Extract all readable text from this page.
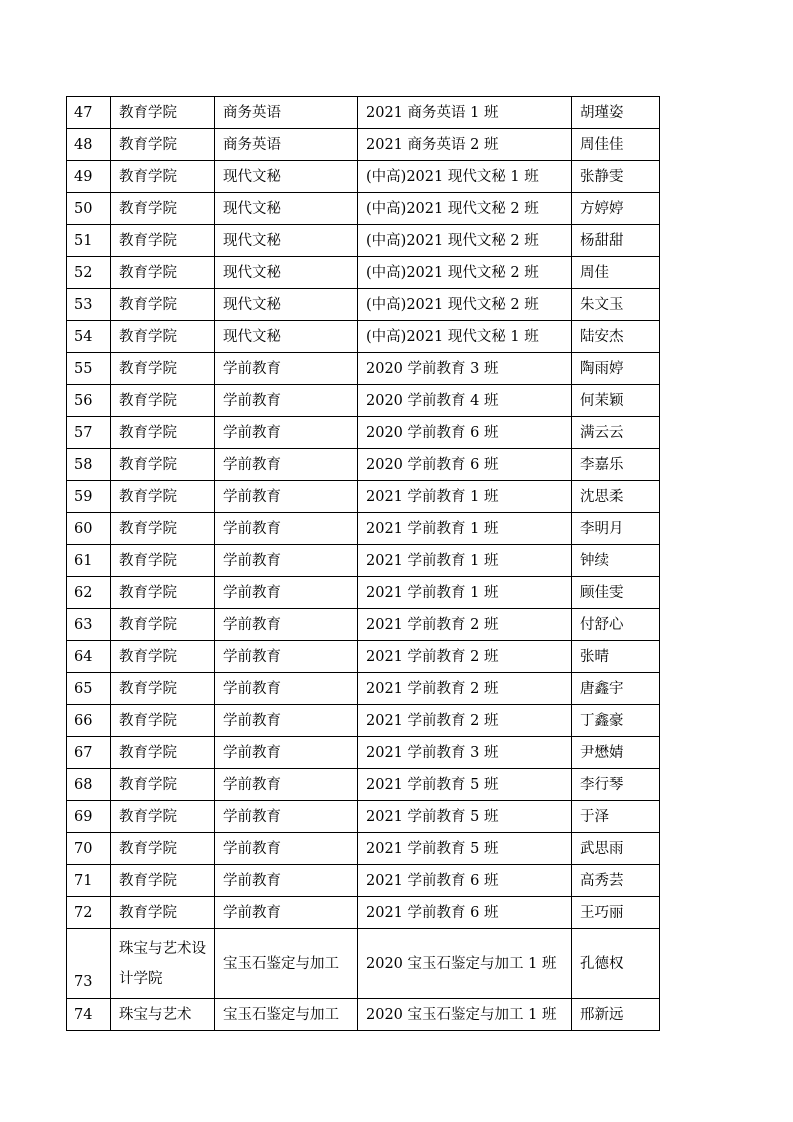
47	教育学院	商务英语	2021 商务英语 1 班	胡瑾姿
48	教育学院	商务英语	2021 商务英语 2 班	周佳佳
49	教育学院	现代文秘	(中高)2021 现代文秘 1 班	张静雯
50	教育学院	现代文秘	(中高)2021 现代文秘 2 班	方婷婷
51	教育学院	现代文秘	(中高)2021 现代文秘 2 班	杨甜甜
52	教育学院	现代文秘	(中高)2021 现代文秘 2 班	周佳
53	教育学院	现代文秘	(中高)2021 现代文秘 2 班	朱文玉
54	教育学院	现代文秘	(中高)2021 现代文秘 1 班	陆安杰
55	教育学院	学前教育	2020 学前教育 3 班	陶雨婷
56	教育学院	学前教育	2020 学前教育 4 班	何茉颖
57	教育学院	学前教育	2020 学前教育 6 班	满云云
58	教育学院	学前教育	2020 学前教育 6 班	李嘉乐
59	教育学院	学前教育	2021 学前教育 1 班	沈思柔
60	教育学院	学前教育	2021 学前教育 1 班	李明月
61	教育学院	学前教育	2021 学前教育 1 班	钟续
62	教育学院	学前教育	2021 学前教育 1 班	顾佳雯
63	教育学院	学前教育	2021 学前教育 2 班	付舒心
64	教育学院	学前教育	2021 学前教育 2 班	张晴
65	教育学院	学前教育	2021 学前教育 2 班	唐鑫宇
66	教育学院	学前教育	2021 学前教育 2 班	丁鑫豪
67	教育学院	学前教育	2021 学前教育 3 班	尹懋婧
68	教育学院	学前教育	2021 学前教育 5 班	李行琴
69	教育学院	学前教育	2021 学前教育 5 班	于泽
70	教育学院	学前教育	2021 学前教育 5 班	武思雨
71	教育学院	学前教育	2021 学前教育 6 班	高秀芸
72	教育学院	学前教育	2021 学前教育 6 班	王巧丽
73	珠宝与艺术设计学院	宝玉石鉴定与加工	2020 宝玉石鉴定与加工 1 班	孔德权
74	珠宝与艺术	宝玉石鉴定与加工	2020 宝玉石鉴定与加工 1 班	邢新远
